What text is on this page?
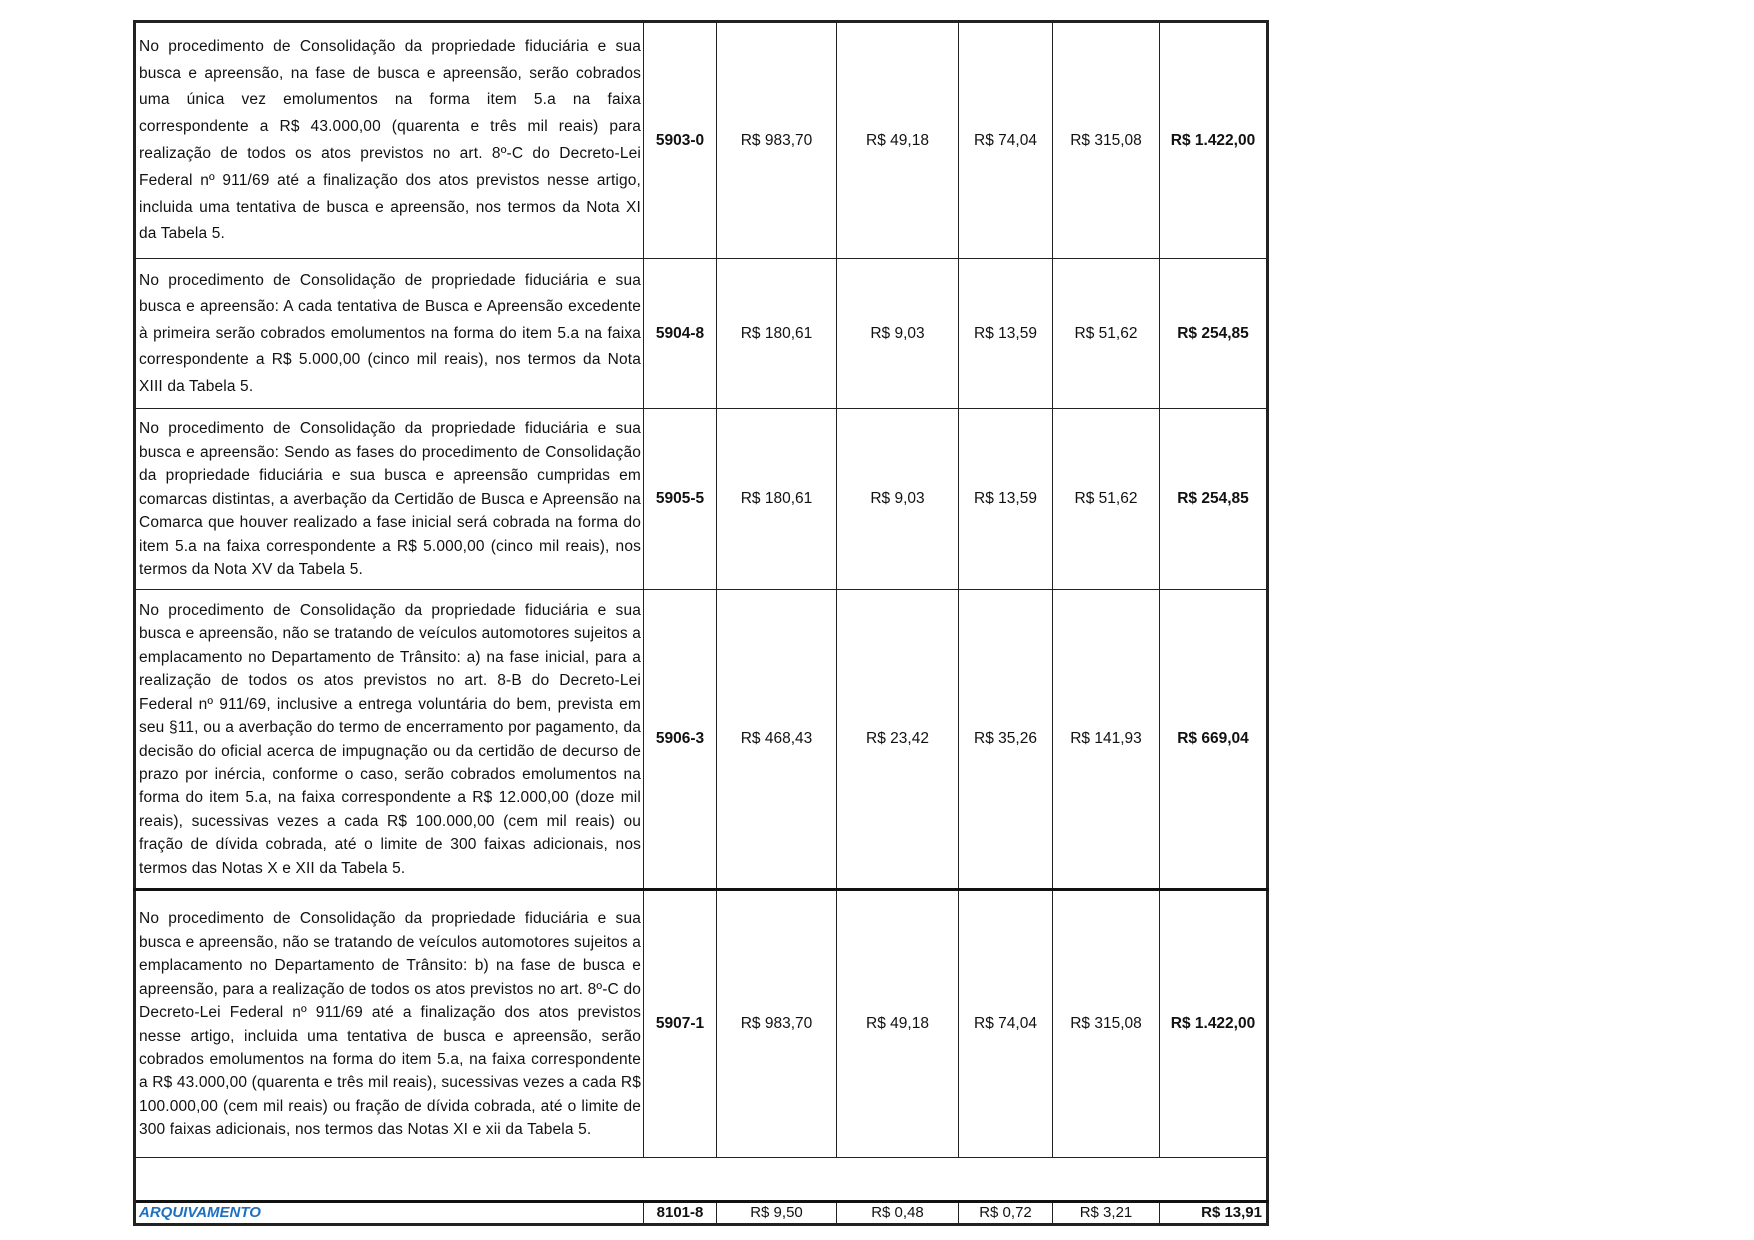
No procedimento de Consolidação da propriedade fiduciária e sua busca e apreensão, na fase de busca e apreensão, serão cobrados uma única vez emolumentos na forma item 5.a na faixa correspondente a R$ 43.000,00 (quarenta e três mil reais) para realização de todos os atos previstos no art. 8º-C do Decreto-Lei Federal nº 911/69 até a finalização dos atos previstos nesse artigo, incluida uma tentativa de busca e apreensão, nos termos da Nota XI da Tabela 5.	5903-0	R$ 983,70	R$ 49,18	R$ 74,04	R$ 315,08	R$ 1.422,00
No procedimento de Consolidação de propriedade fiduciária e sua busca e apreensão: A cada tentativa de Busca e Apreensão excedente à primeira serão cobrados emolumentos na forma do item 5.a na faixa correspondente a R$ 5.000,00 (cinco mil reais), nos termos da Nota XIII da Tabela 5.	5904-8	R$ 180,61	R$ 9,03	R$ 13,59	R$ 51,62	R$ 254,85
No procedimento de Consolidação da propriedade fiduciária e sua busca e apreensão: Sendo as fases do procedimento de Consolidação da propriedade fiduciária e sua busca e apreensão cumpridas em comarcas distintas, a averbação da Certidão de Busca e Apreensão na Comarca que houver realizado a fase inicial será cobrada na forma do item 5.a na faixa correspondente a R$ 5.000,00 (cinco mil reais), nos termos da Nota XV da Tabela 5.	5905-5	R$ 180,61	R$ 9,03	R$ 13,59	R$ 51,62	R$ 254,85
No procedimento de Consolidação da propriedade fiduciária e sua busca e apreensão, não se tratando de veículos automotores sujeitos a emplacamento no Departamento de Trânsito: a) na fase inicial, para a realização de todos os atos previstos no art. 8-B do Decreto-Lei Federal nº 911/69, inclusive a entrega voluntária do bem, prevista em seu §11, ou a averbação do termo de encerramento por pagamento, da decisão do oficial acerca de impugnação ou da certidão de decurso de prazo por inércia, conforme o caso, serão cobrados emolumentos na forma do item 5.a, na faixa correspondente a R$ 12.000,00 (doze mil reais), sucessivas vezes a cada R$ 100.000,00 (cem mil reais) ou fração de dívida cobrada, até o limite de 300 faixas adicionais, nos termos das Notas X e XII da Tabela 5.	5906-3	R$ 468,43	R$ 23,42	R$ 35,26	R$ 141,93	R$ 669,04
No procedimento de Consolidação da propriedade fiduciária e sua busca e apreensão, não se tratando de veículos automotores sujeitos a emplacamento no Departamento de Trânsito: b) na fase de busca e apreensão, para a realização de todos os atos previstos no art. 8º-C do Decreto-Lei Federal nº 911/69 até a finalização dos atos previstos nesse artigo, incluida uma tentativa de busca e apreensão, serão cobrados emolumentos na forma do item 5.a, na faixa correspondente a R$ 43.000,00 (quarenta e três mil reais), sucessivas vezes a cada R$ 100.000,00 (cem mil reais) ou fração de dívida cobrada, até o limite de 300 faixas adicionais, nos termos das Notas XI e xii da Tabela 5.	5907-1	R$ 983,70	R$ 49,18	R$ 74,04	R$ 315,08	R$ 1.422,00

ARQUIVAMENTO	8101-8	R$ 9,50	R$ 0,48	R$ 0,72	R$ 3,21	R$ 13,91
